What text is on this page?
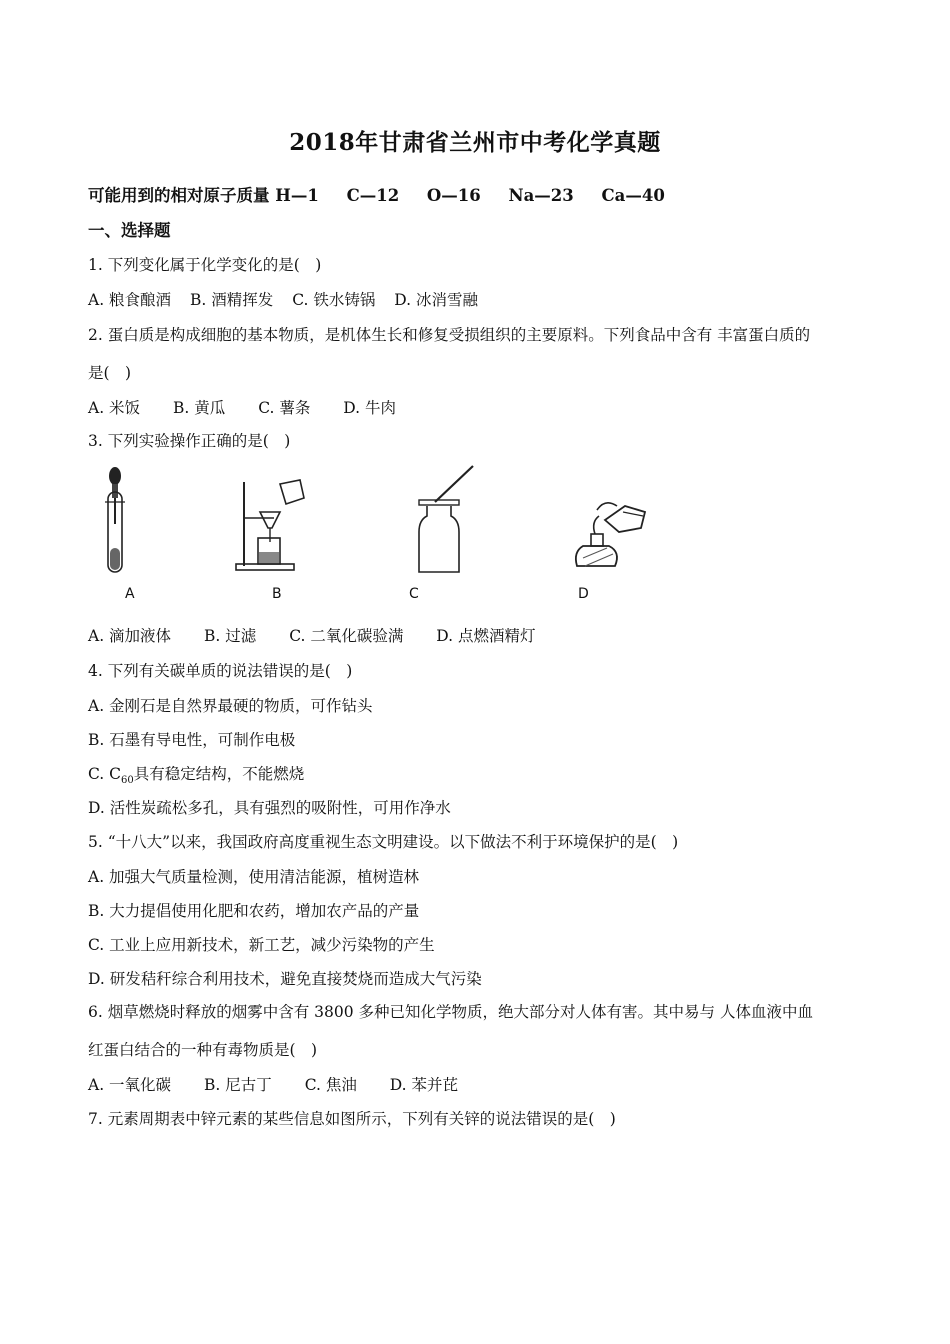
2018年甘肃省兰州市中考化学真题
可能用到的相对原子质量 H—1 C—12 O—16 Na—23 Ca—40
一、选择题
1. 下列变化属于化学变化的是(　)
A. 粮食酿酒 B. 酒精挥发 C. 铁水铸锅 D. 冰消雪融
2. 蛋白质是构成细胞的基本物质，是机体生长和修复受损组织的主要原料。下列食品中含有 丰富蛋白质的
是(　)
A. 米饭 B. 黄瓜 C. 薯条 D. 牛肉
3. 下列实验操作正确的是(　)
A	B	C	D
A. 滴加液体 B. 过滤 C. 二氧化碳验满 D. 点燃酒精灯
4. 下列有关碳单质的说法错误的是(　)
A. 金刚石是自然界最硬的物质，可作钻头
B. 石墨有导电性，可制作电极
C. $C_{60}$具有稳定结构，不能燃烧
D. 活性炭疏松多孔，具有强烈的吸附性，可用作净水
5. “十八大”以来，我国政府高度重视生态文明建设。以下做法不利于环境保护的是(　)
A. 加强大气质量检测，使用清洁能源，植树造林
B. 大力提倡使用化肥和农药，增加农产品的产量
C. 工业上应用新技术，新工艺，减少污染物的产生
D. 研发秸秆综合利用技术，避免直接焚烧而造成大气污染
6. 烟草燃烧时释放的烟雾中含有 3800 多种已知化学物质，绝大部分对人体有害。其中易与 人体血液中血
红蛋白结合的一种有毒物质是(　)
A. 一氧化碳 B. 尼古丁 C. 焦油 D. 苯并芘
7. 元素周期表中锌元素的某些信息如图所示，下列有关锌的说法错误的是(　)
